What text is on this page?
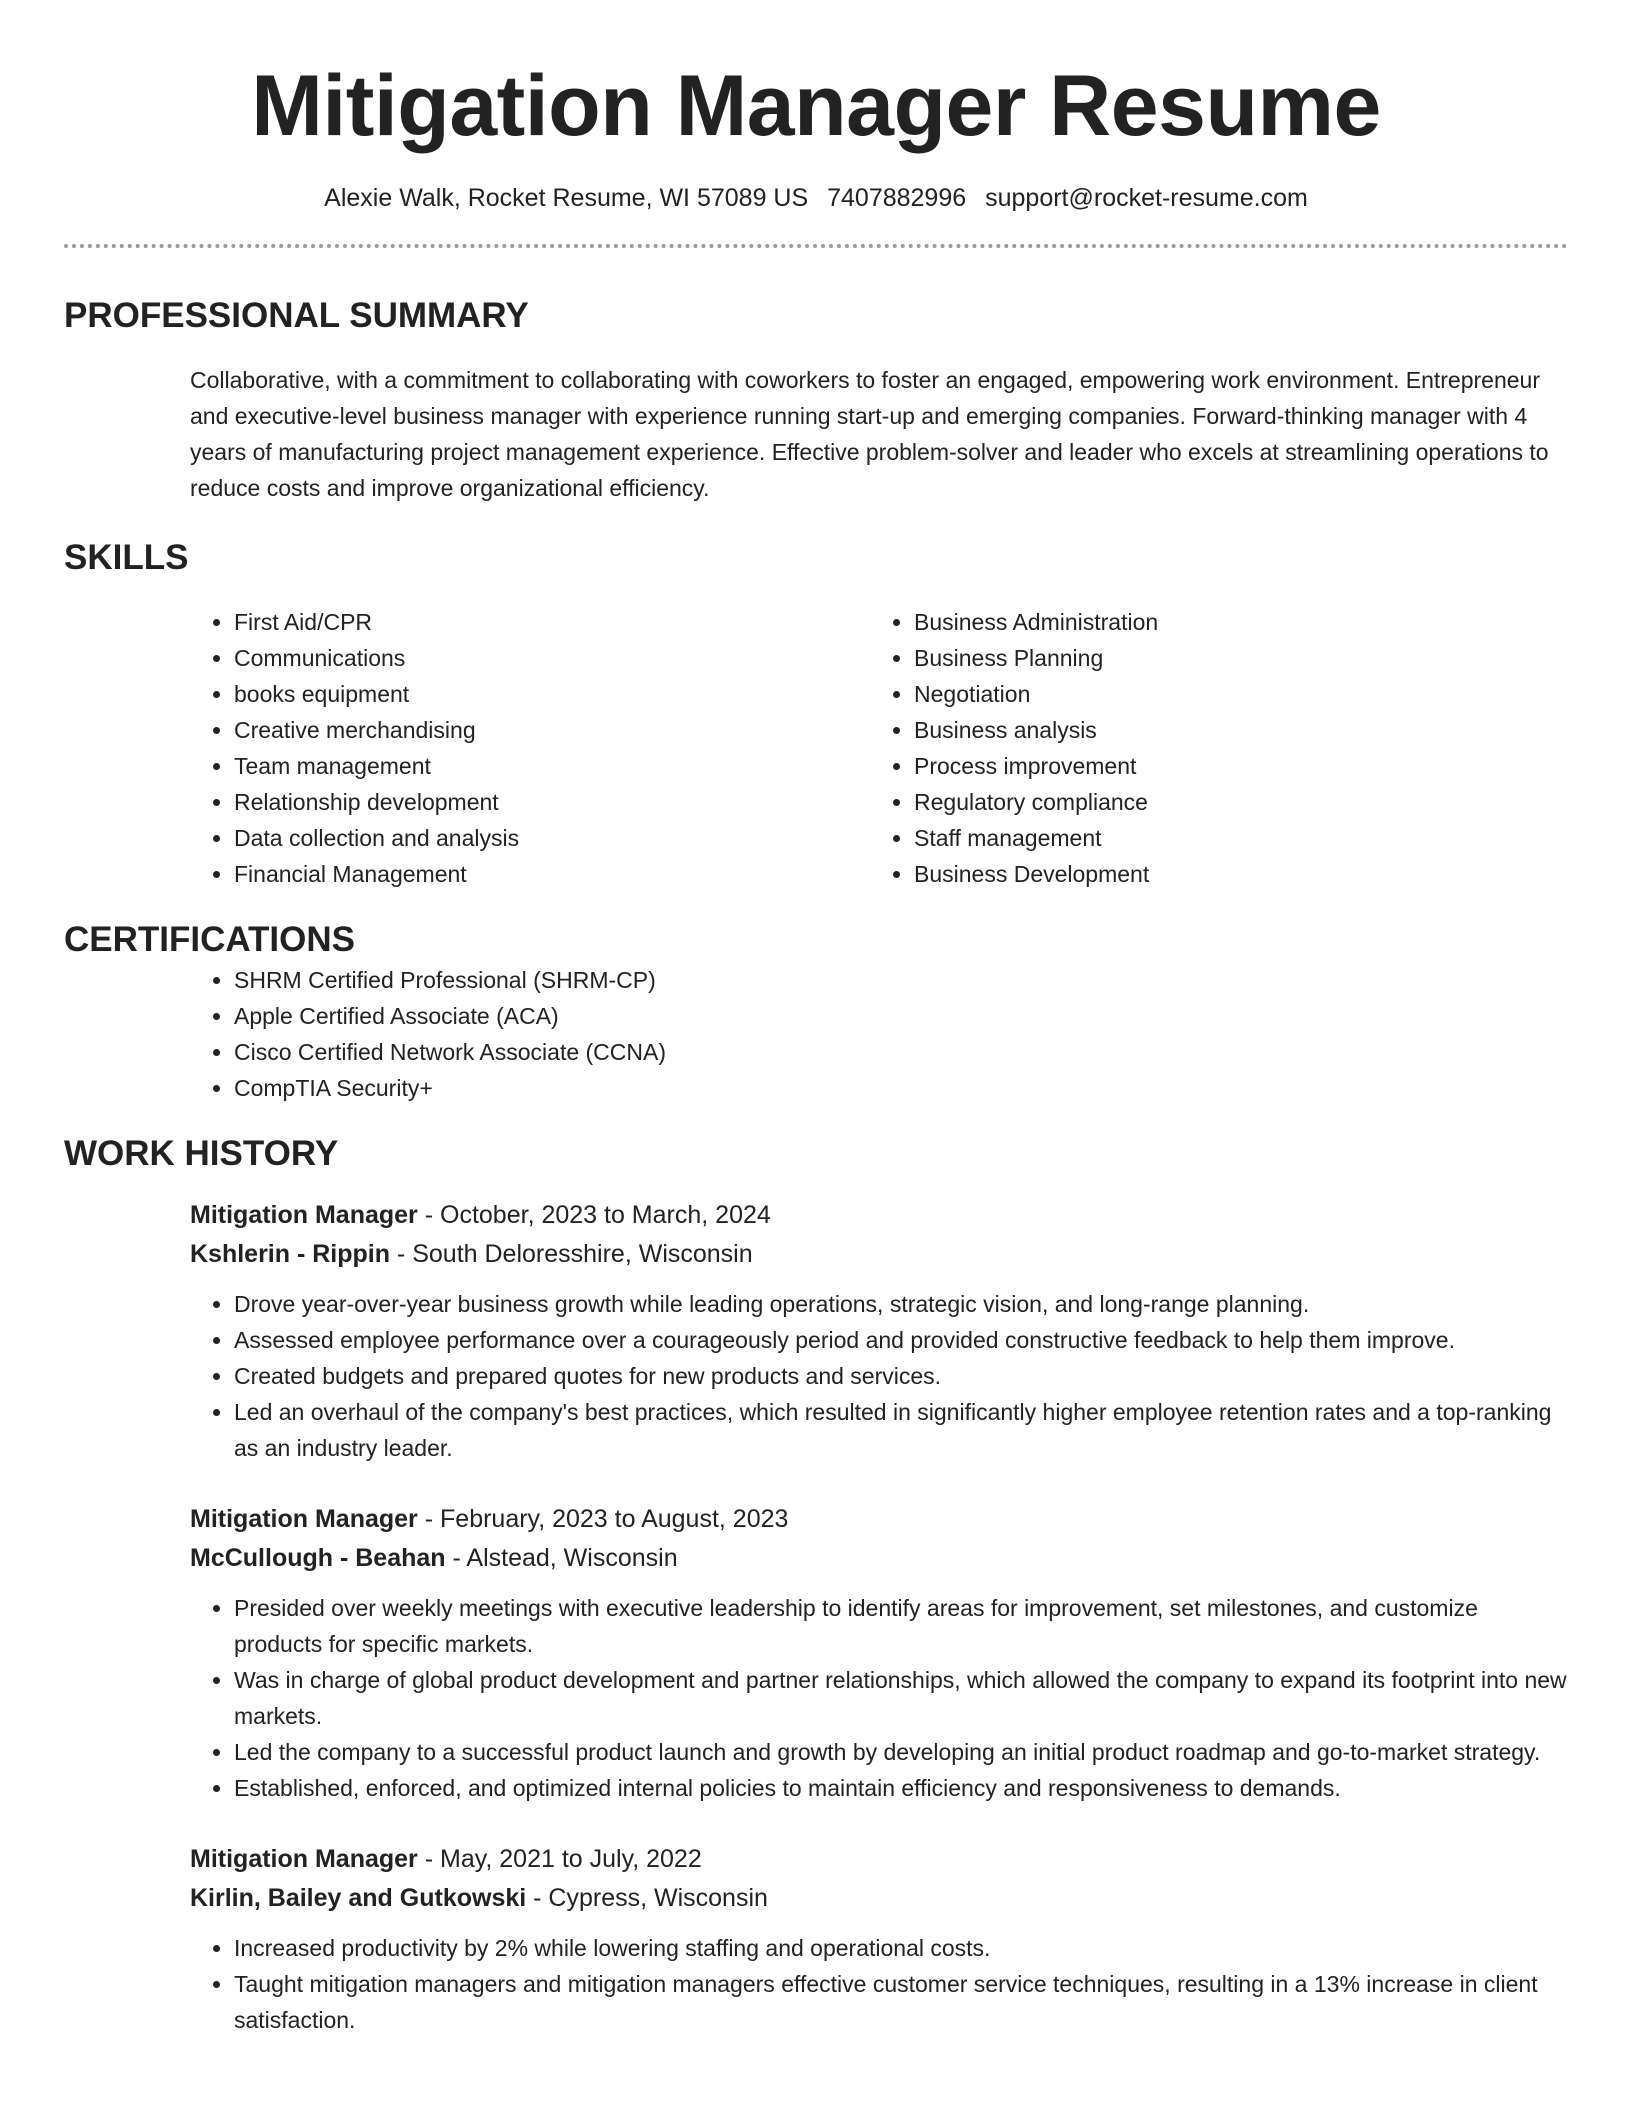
Mitigation Manager Resume
Alexie Walk, Rocket Resume, WI 57089 US 7407882996 support@rocket-resume.com
PROFESSIONAL SUMMARY

Collaborative, with a commitment to collaborating with coworkers to foster an engaged, empowering work environment. Entrepreneur and executive-level business manager with experience running start-up and emerging companies. Forward-thinking manager with 4 years of manufacturing project management experience. Effective problem-solver and leader who excels at streamlining operations to reduce costs and improve organizational efficiency.

SKILLS
• First Aid/CPR
• Communications
• books equipment
• Creative merchandising
• Team management
• Relationship development
• Data collection and analysis
• Financial Management
• Business Administration
• Business Planning
• Negotiation
• Business analysis
• Process improvement
• Regulatory compliance
• Staff management
• Business Development
CERTIFICATIONS
• SHRM Certified Professional (SHRM-CP)
• Apple Certified Associate (ACA)
• Cisco Certified Network Associate (CCNA)
• CompTIA Security+
WORK HISTORY
Mitigation Manager - October, 2023 to March, 2024
Kshlerin - Rippin - South Deloresshire, Wisconsin
• Drove year-over-year business growth while leading operations, strategic vision, and long-range planning.
• Assessed employee performance over a courageously period and provided constructive feedback to help them improve.
• Created budgets and prepared quotes for new products and services.
• Led an overhaul of the company's best practices, which resulted in significantly higher employee retention rates and a top-ranking as an industry leader.
Mitigation Manager - February, 2023 to August, 2023
McCullough - Beahan - Alstead, Wisconsin
• Presided over weekly meetings with executive leadership to identify areas for improvement, set milestones, and customize products for specific markets.
• Was in charge of global product development and partner relationships, which allowed the company to expand its footprint into new markets.
• Led the company to a successful product launch and growth by developing an initial product roadmap and go-to-market strategy.
• Established, enforced, and optimized internal policies to maintain efficiency and responsiveness to demands.
Mitigation Manager - May, 2021 to July, 2022
Kirlin, Bailey and Gutkowski - Cypress, Wisconsin
• Increased productivity by 2% while lowering staffing and operational costs.
• Taught mitigation managers and mitigation managers effective customer service techniques, resulting in a 13% increase in client satisfaction.
